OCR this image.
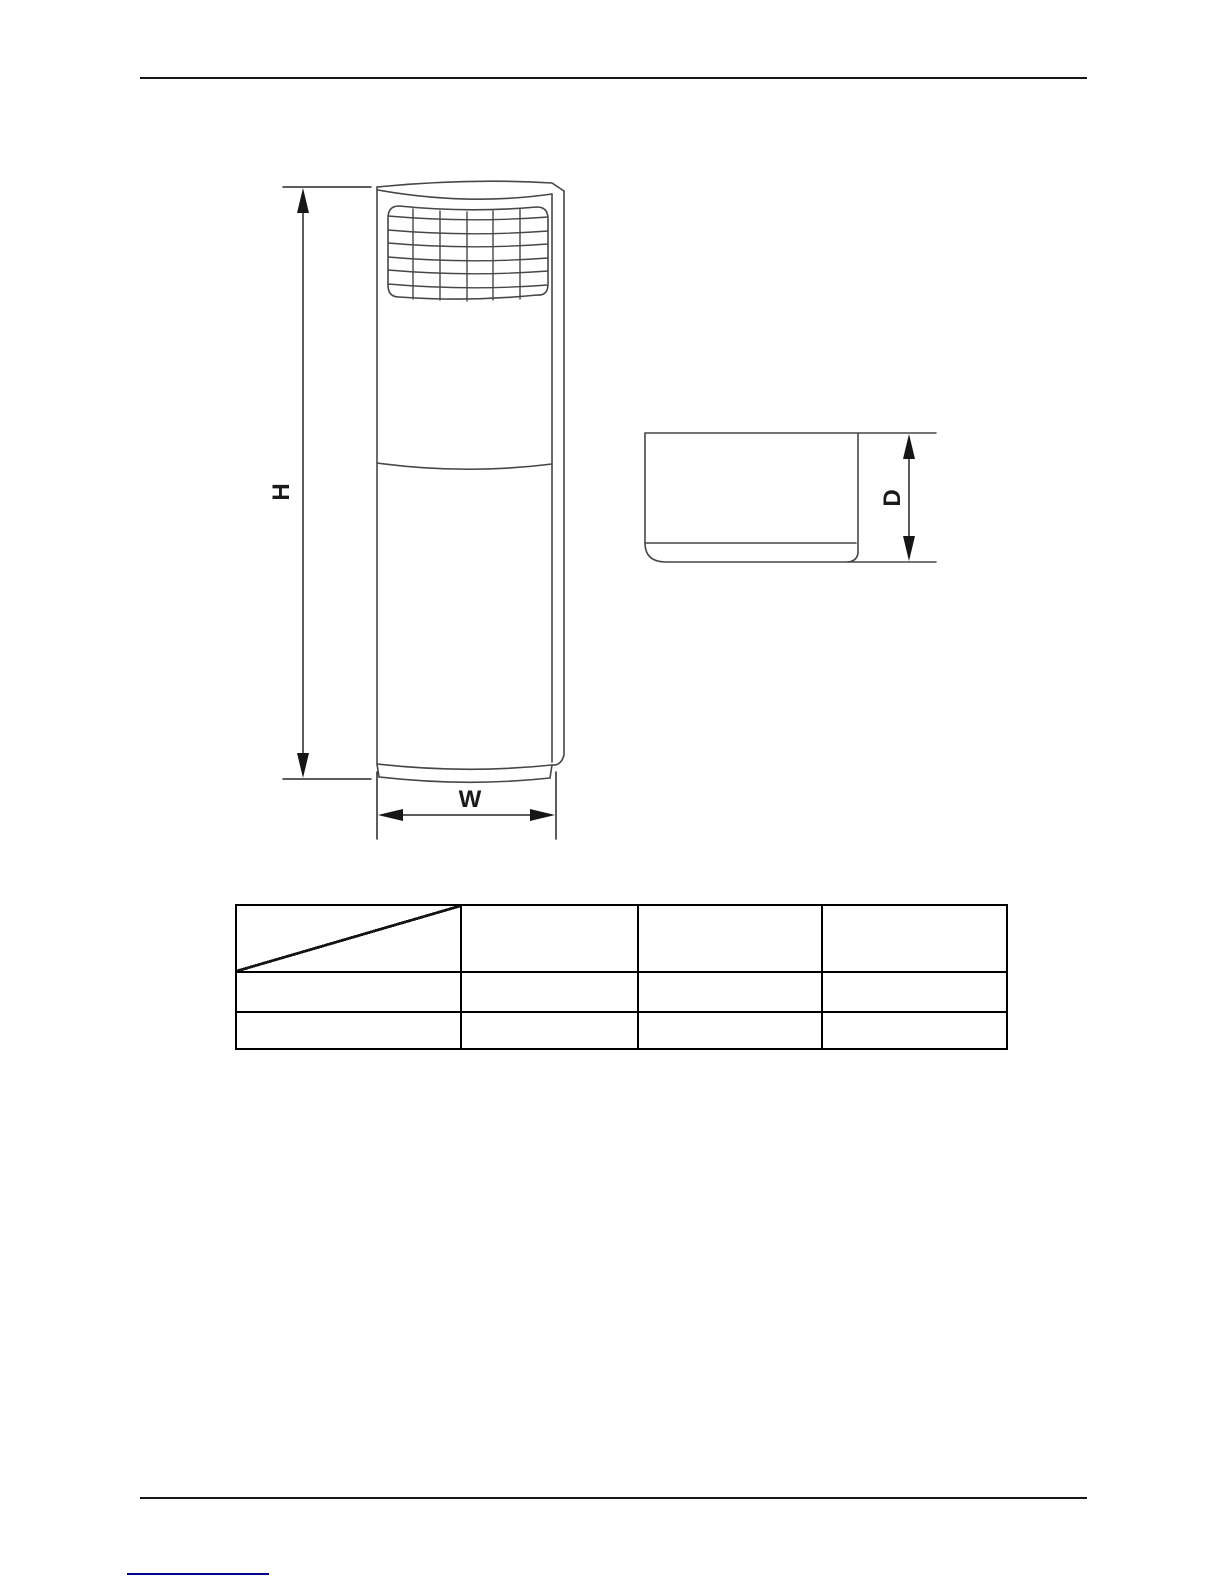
H
W
D
